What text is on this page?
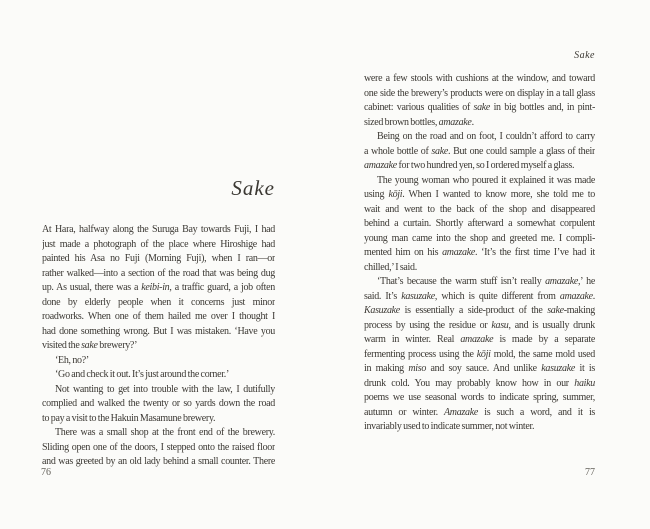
Sake
At Hara, halfway along the Suruga Bay towards Fuji, I had
just made a photograph of the place where Hiroshige had
painted his Asa no Fuji (Morning Fuji), when I ran—or
rather walked—into a section of the road that was being dug
up. As usual, there was a keibi-in, a traffic guard, a job often
done by elderly people when it concerns just minor
roadworks. When one of them hailed me over I thought I
had done something wrong. But I was mistaken. ‘Have you
visited the sake brewery?’
‘Eh, no?’
‘Go and check it out. It’s just around the corner.’
Not wanting to get into trouble with the law, I dutifully
complied and walked the twenty or so yards down the road
to pay a visit to the Hakuin Masamune brewery.
There was a small shop at the front end of the brewery.
Sliding open one of the doors, I stepped onto the raised floor
and was greeted by an old lady behind a small counter. There
76
Sake
were a few stools with cushions at the window, and toward
one side the brewery’s products were on display in a tall glass
cabinet: various qualities of sake in big bottles and, in pint-
sized brown bottles, amazake.
Being on the road and on foot, I couldn’t afford to carry
a whole bottle of sake. But one could sample a glass of their
amazake for two hundred yen, so I ordered myself a glass.
The young woman who poured it explained it was made
using kōji. When I wanted to know more, she told me to
wait and went to the back of the shop and disappeared
behind a curtain. Shortly afterward a somewhat corpulent
young man came into the shop and greeted me. I compli-
mented him on his amazake. ‘It’s the first time I’ve had it
chilled,’ I said.
‘That’s because the warm stuff isn’t really amazake,’ he
said. It’s kasuzake, which is quite different from amazake.
Kasuzake is essentially a side-product of the sake-making
process by using the residue or kasu, and is usually drunk
warm in winter. Real amazake is made by a separate
fermenting process using the kōji mold, the same mold used
in making miso and soy sauce. And unlike kasuzake it is
drunk cold. You may probably know how in our haiku
poems we use seasonal words to indicate spring, summer,
autumn or winter. Amazake is such a word, and it is
invariably used to indicate summer, not winter.
77
